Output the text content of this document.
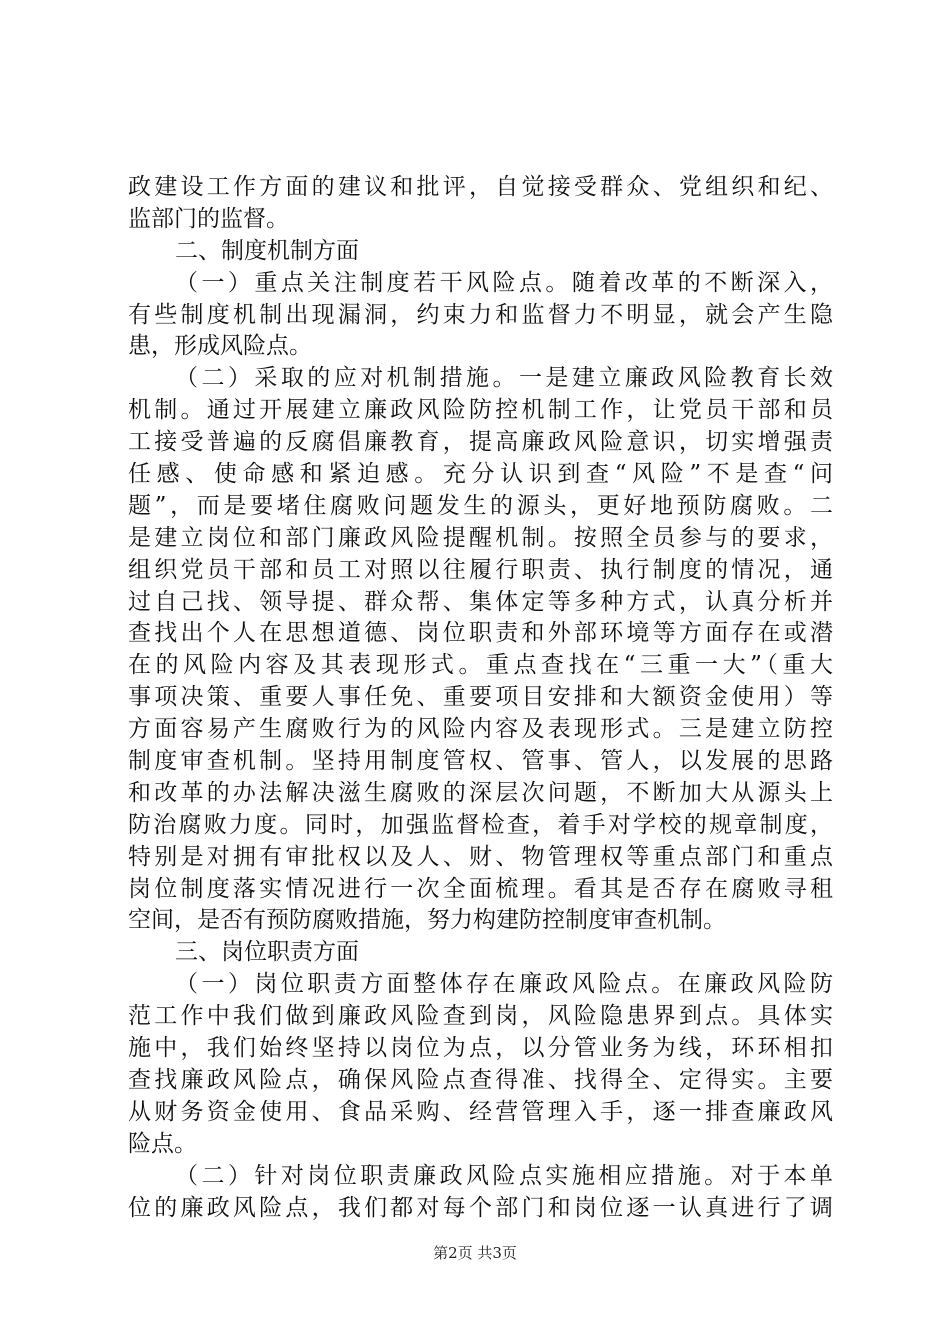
政建设工作方面的建议和批评，自觉接受群众、党组织和纪、
监部门的监督。
二、制度机制方面
（一）重点关注制度若干风险点。随着改革的不断深入，
有些制度机制出现漏洞，约束力和监督力不明显，就会产生隐
患，形成风险点。
（二）采取的应对机制措施。一是建立廉政风险教育长效
机制。通过开展建立廉政风险防控机制工作，让党员干部和员
工接受普遍的反腐倡廉教育，提高廉政风险意识，切实增强责
任感、使命感和紧迫感。充分认识到查“风险”不是查“问
题”，而是要堵住腐败问题发生的源头，更好地预防腐败。二
是建立岗位和部门廉政风险提醒机制。按照全员参与的要求，
组织党员干部和员工对照以往履行职责、执行制度的情况，通
过自己找、领导提、群众帮、集体定等多种方式，认真分析并
查找出个人在思想道德、岗位职责和外部环境等方面存在或潜
在的风险内容及其表现形式。重点查找在“三重一大”（重大
事项决策、重要人事任免、重要项目安排和大额资金使用）等
方面容易产生腐败行为的风险内容及表现形式。三是建立防控
制度审查机制。坚持用制度管权、管事、管人，以发展的思路
和改革的办法解决滋生腐败的深层次问题，不断加大从源头上
防治腐败力度。同时，加强监督检查，着手对学校的规章制度，
特别是对拥有审批权以及人、财、物管理权等重点部门和重点
岗位制度落实情况进行一次全面梳理。看其是否存在腐败寻租
空间，是否有预防腐败措施，努力构建防控制度审查机制。
三、岗位职责方面
（一）岗位职责方面整体存在廉政风险点。在廉政风险防
范工作中我们做到廉政风险查到岗，风险隐患界到点。具体实
施中，我们始终坚持以岗位为点，以分管业务为线，环环相扣
查找廉政风险点，确保风险点查得准、找得全、定得实。主要
从财务资金使用、食品采购、经营管理入手，逐一排查廉政风
险点。
（二）针对岗位职责廉政风险点实施相应措施。对于本单
位的廉政风险点，我们都对每个部门和岗位逐一认真进行了调
第2页 共3页
